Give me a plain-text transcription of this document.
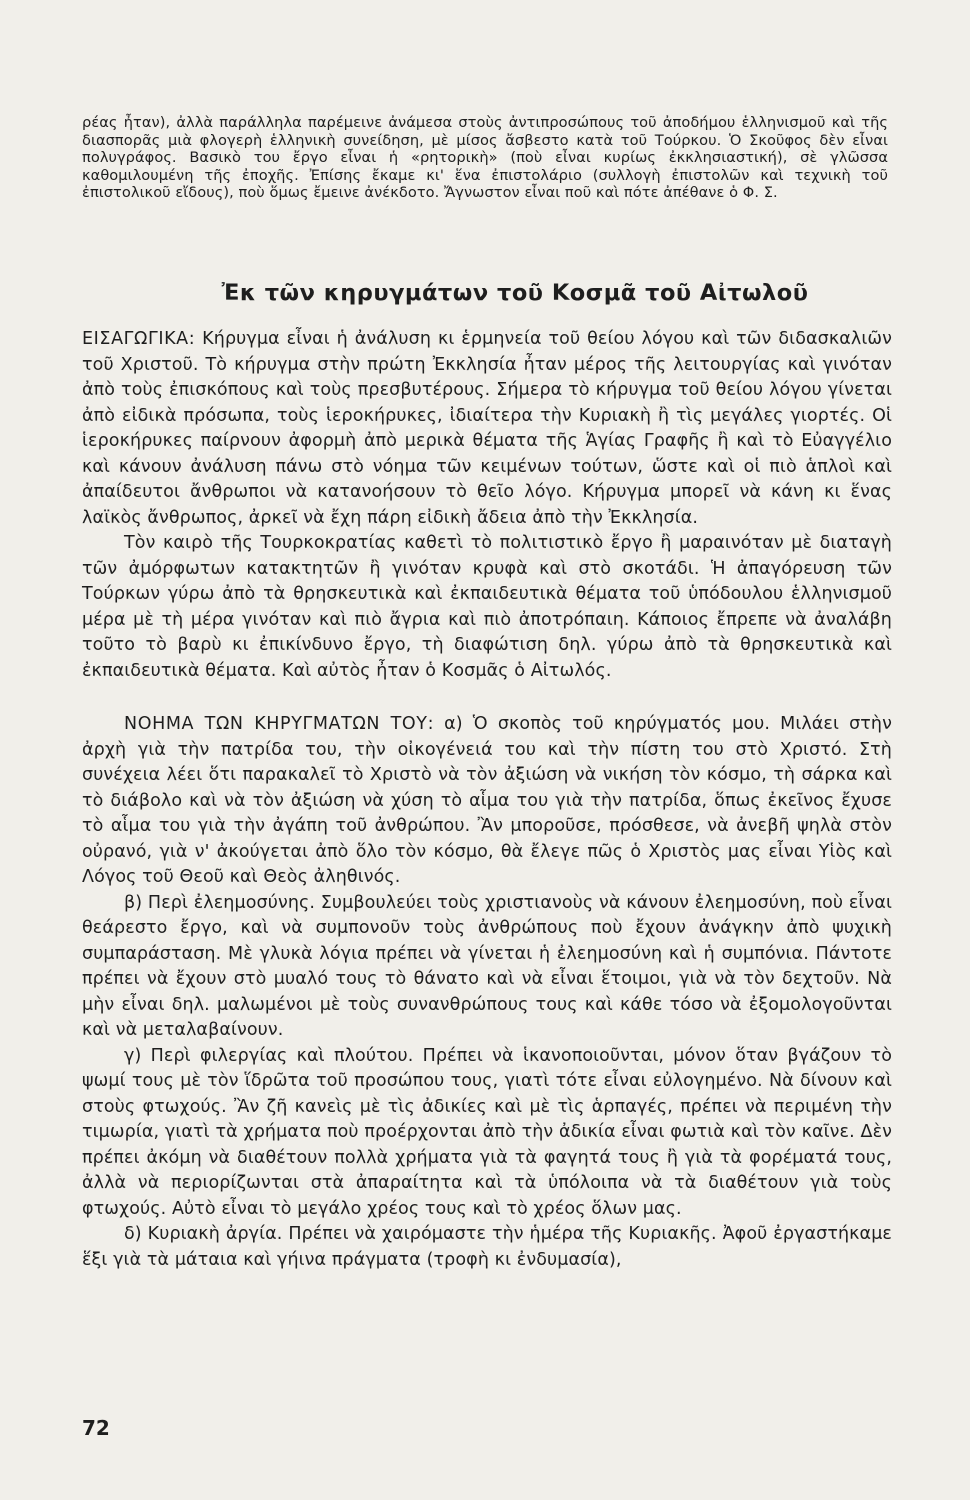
ρέας ἦταν), ἀλλὰ παράλληλα παρέμεινε ἀνάμεσα στοὺς ἀντιπροσώπους τοῦ ἀποδήμου ἑλληνισμοῦ καὶ τῆς διασπορᾶς μιὰ φλογερὴ ἑλληνικὴ συνείδηση, μὲ μίσος ἄσβεστο κατὰ τοῦ Τούρκου. Ὁ Σκοῦφος δὲν εἶναι πολυγράφος. Βασικὸ του ἔργο εἶναι ἡ «ρητορικὴ» (ποὺ εἶναι κυρίως ἐκκλησιαστική), σὲ γλῶσσα καθομιλουμένη τῆς ἐποχῆς. Ἐπίσης ἔκαμε κι' ἕνα ἐπιστολάριο (συλλογὴ ἐπιστολῶν καὶ τεχνικὴ τοῦ ἐπιστολικοῦ εἴδους), ποὺ ὅμως ἔμεινε ἀνέκδοτο. Ἄγνωστον εἶναι ποῦ καὶ πότε ἀπέθανε ὁ Φ. Σ.

Ἐκ τῶν κηρυγμάτων τοῦ Κοσμᾶ τοῦ Αἰτωλοῦ

ΕΙΣΑΓΩΓΙΚΑ: Κήρυγμα εἶναι ἡ ἀνάλυση κι ἑρμηνεία τοῦ θείου λόγου καὶ τῶν διδασκαλιῶν τοῦ Χριστοῦ. Τὸ κήρυγμα στὴν πρώτη Ἐκκλησία ἦταν μέρος τῆς λειτουργίας καὶ γινόταν ἀπὸ τοὺς ἐπισκόπους καὶ τοὺς πρεσβυτέρους. Σήμερα τὸ κήρυγμα τοῦ θείου λόγου γίνεται ἀπὸ εἰδικὰ πρόσωπα, τοὺς ἱεροκήρυκες, ἰδιαίτερα τὴν Κυριακὴ ἢ τὶς μεγάλες γιορτές. Οἱ ἱεροκήρυκες παίρνουν ἀφορμὴ ἀπὸ μερικὰ θέματα τῆς Ἁγίας Γραφῆς ἢ καὶ τὸ Εὐαγγέλιο καὶ κάνουν ἀνάλυση πάνω στὸ νόημα τῶν κειμένων τούτων, ὥστε καὶ οἱ πιὸ ἁπλοὶ καὶ ἀπαίδευτοι ἄνθρωποι νὰ κατανοήσουν τὸ θεῖο λόγο. Κήρυγμα μπορεῖ νὰ κάνη κι ἕνας λαϊκὸς ἄνθρωπος, ἀρκεῖ νὰ ἔχη πάρη εἰδικὴ ἄδεια ἀπὸ τὴν Ἐκκλησία.

Τὸν καιρὸ τῆς Τουρκοκρατίας καθετὶ τὸ πολιτιστικὸ ἔργο ἢ μαραινόταν μὲ διαταγὴ τῶν ἀμόρφωτων κατακτητῶν ἢ γινόταν κρυφὰ καὶ στὸ σκοτάδι. Ἡ ἀπαγόρευση τῶν Τούρκων γύρω ἀπὸ τὰ θρησκευτικὰ καὶ ἐκπαιδευτικὰ θέματα τοῦ ὑπόδουλου ἑλληνισμοῦ μέρα μὲ τὴ μέρα γινόταν καὶ πιὸ ἄγρια καὶ πιὸ ἀποτρόπαιη. Κάποιος ἔπρεπε νὰ ἀναλάβη τοῦτο τὸ βαρὺ κι ἐπικίνδυνο ἔργο, τὴ διαφώτιση δηλ. γύρω ἀπὸ τὰ θρησκευτικὰ καὶ ἐκπαιδευτικὰ θέματα. Καὶ αὐτὸς ἦταν ὁ Κοσμᾶς ὁ Αἰτωλός.

ΝΟΗΜΑ ΤΩΝ ΚΗΡΥΓΜΑΤΩΝ ΤΟΥ: α) Ὁ σκοπὸς τοῦ κηρύγματός μου. Μιλάει στὴν ἀρχὴ γιὰ τὴν πατρίδα του, τὴν οἰκογένειά του καὶ τὴν πίστη του στὸ Χριστό. Στὴ συνέχεια λέει ὅτι παρακαλεῖ τὸ Χριστὸ νὰ τὸν ἀξιώση νὰ νικήση τὸν κόσμο, τὴ σάρκα καὶ τὸ διάβολο καὶ νὰ τὸν ἀξιώση νὰ χύση τὸ αἷμα του γιὰ τὴν πατρίδα, ὅπως ἐκεῖνος ἔχυσε τὸ αἷμα του γιὰ τὴν ἀγάπη τοῦ ἀνθρώπου. Ἂν μποροῦσε, πρόσθεσε, νὰ ἀνεβῆ ψηλὰ στὸν οὐρανό, γιὰ ν' ἀκούγεται ἀπὸ ὅλο τὸν κόσμο, θὰ ἔλεγε πῶς ὁ Χριστὸς μας εἶναι Υἱὸς καὶ Λόγος τοῦ Θεοῦ καὶ Θεὸς ἀληθινός.

β) Περὶ ἐλεημοσύνης. Συμβουλεύει τοὺς χριστιανοὺς νὰ κάνουν ἐλεημοσύνη, ποὺ εἶναι θεάρεστο ἔργο, καὶ νὰ συμπονοῦν τοὺς ἀνθρώπους ποὺ ἔχουν ἀνάγκην ἀπὸ ψυχικὴ συμπαράσταση. Μὲ γλυκὰ λόγια πρέπει νὰ γίνεται ἡ ἐλεημοσύνη καὶ ἡ συμπόνια. Πάντοτε πρέπει νὰ ἔχουν στὸ μυαλό τους τὸ θάνατο καὶ νὰ εἶναι ἕτοιμοι, γιὰ νὰ τὸν δεχτοῦν. Νὰ μὴν εἶναι δηλ. μαλωμένοι μὲ τοὺς συνανθρώπους τους καὶ κάθε τόσο νὰ ἐξομολογοῦνται καὶ νὰ μεταλαβαίνουν.

γ) Περὶ φιλεργίας καὶ πλούτου. Πρέπει νὰ ἱκανοποιοῦνται, μόνον ὅταν βγάζουν τὸ ψωμί τους μὲ τὸν ἵδρῶτα τοῦ προσώπου τους, γιατὶ τότε εἶναι εὐλογημένο. Νὰ δίνουν καὶ στοὺς φτωχούς. Ἂν ζῆ κανεὶς μὲ τὶς ἀδικίες καὶ μὲ τὶς ἁρπαγές, πρέπει νὰ περιμένη τὴν τιμωρία, γιατὶ τὰ χρήματα ποὺ προέρχονται ἀπὸ τὴν ἀδικία εἶναι φωτιὰ καὶ τὸν καῖνε. Δὲν πρέπει ἀκόμη νὰ διαθέτουν πολλὰ χρήματα γιὰ τὰ φαγητά τους ἢ γιὰ τὰ φορέματά τους, ἀλλὰ νὰ περιορίζωνται στὰ ἀπαραίτητα καὶ τὰ ὑπόλοιπα νὰ τὰ διαθέτουν γιὰ τοὺς φτωχούς. Αὐτὸ εἶναι τὸ μεγάλο χρέος τους καὶ τὸ χρέος ὅλων μας.

δ) Κυριακὴ ἀργία. Πρέπει νὰ χαιρόμαστε τὴν ἡμέρα τῆς Κυριακῆς. Ἀφοῦ ἐργαστήκαμε ἕξι γιὰ τὰ μάταια καὶ γήινα πράγματα (τροφὴ κι ἐνδυμασία),

72
